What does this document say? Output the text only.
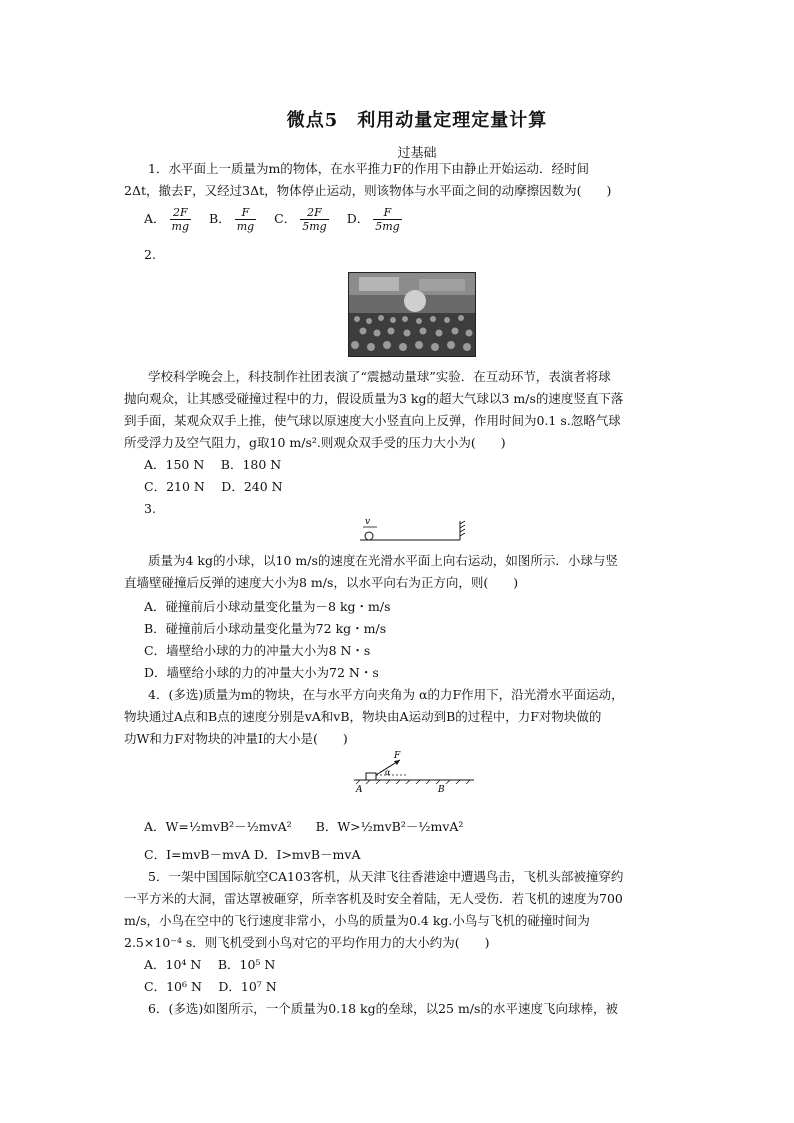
微点5　利用动量定理定量计算
过基础
1．水平面上一质量为m的物体，在水平推力F的作用下由静止开始运动．经时间
2Δt，撤去F，又经过3Δt，物体停止运动，则该物体与水平面之间的动摩擦因数为(　　)
A． $\frac{2F}{mg}$ B． $\frac{F}{mg}$ C． $\frac{2F}{5mg}$ D． $\frac{F}{5mg}$
2.
学校科学晚会上，科技制作社团表演了“震撼动量球”实验．在互动环节，表演者将球
抛向观众，让其感受碰撞过程中的力，假设质量为3 kg的超大气球以3 m/s的速度竖直下落
到手面，某观众双手上推，使气球以原速度大小竖直向上反弹，作用时间为0.1 s.忽略气球
所受浮力及空气阻力，g取10 m/s².则观众双手受的压力大小为(　　)
A．150 N　 B．180 N
C．210 N　 D．240 N
3.
v
质量为4 kg的小球，以10 m/s的速度在光滑水平面上向右运动，如图所示．小球与竖
直墙壁碰撞后反弹的速度大小为8 m/s，以水平向右为正方向，则(　　)
A．碰撞前后小球动量变化量为－8 kg・m/s
B．碰撞前后小球动量变化量为72 kg・m/s
C．墙壁给小球的力的冲量大小为8 N・s
D．墙壁给小球的力的冲量大小为72 N・s
4．(多选)质量为m的物块，在与水平方向夹角为 α的力F作用下，沿光滑水平面运动，
物块通过A点和B点的速度分别是vA和vB，物块由A运动到B的过程中，力F对物块做的
功W和力F对物块的冲量I的大小是(　　)
F
α
A	B
A．W=½mvB²－½mvA² B．W>½mvB²－½mvA²
C．I=mvB－mvA D．I>mvB－mvA
5．一架中国国际航空CA103客机，从天津飞往香港途中遭遇鸟击，飞机头部被撞穿约
一平方米的大洞，雷达罩被砸穿，所幸客机及时安全着陆，无人受伤．若飞机的速度为700
m/s，小鸟在空中的飞行速度非常小，小鸟的质量为0.4 kg.小鸟与飞机的碰撞时间为
2.5×10⁻⁴ s．则飞机受到小鸟对它的平均作用力的大小约为(　　)
A．10⁴ N　 B．10⁵ N
C．10⁶ N　 D．10⁷ N
6．(多选)如图所示，一个质量为0.18 kg的垒球，以25 m/s的水平速度飞向球棒，被
